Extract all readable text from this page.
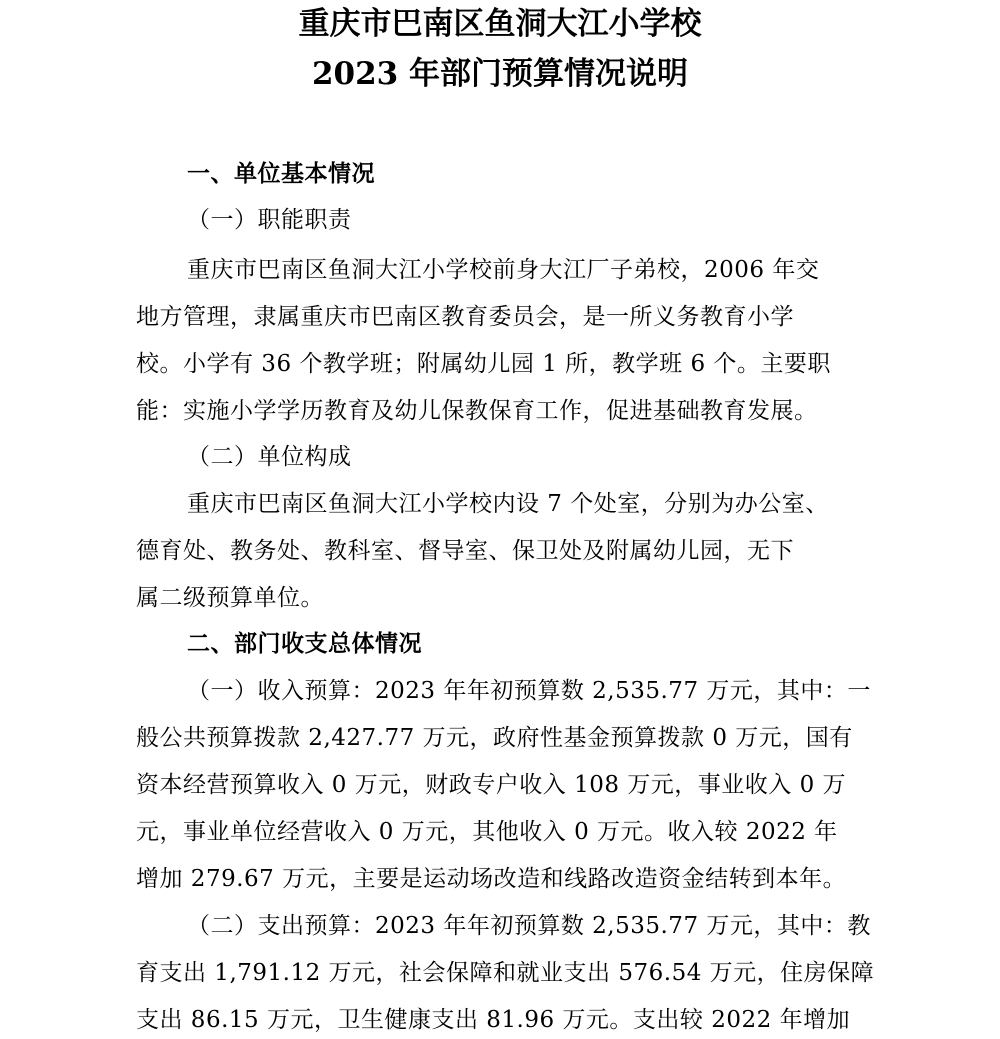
重庆市巴南区鱼洞大江小学校
2023 年部门预算情况说明
一、单位基本情况
（一）职能职责
重庆市巴南区鱼洞大江小学校前身大江厂子弟校，2006 年交
地方管理，隶属重庆市巴南区教育委员会，是一所义务教育小学
校。小学有 36 个教学班；附属幼儿园 1 所，教学班 6 个。主要职
能：实施小学学历教育及幼儿保教保育工作，促进基础教育发展。
（二）单位构成
重庆市巴南区鱼洞大江小学校内设 7 个处室，分别为办公室、
德育处、教务处、教科室、督导室、保卫处及附属幼儿园，无下
属二级预算单位。
二、部门收支总体情况
（一）收入预算：2023 年年初预算数 2,535.77 万元，其中：一
般公共预算拨款 2,427.77 万元，政府性基金预算拨款 0 万元，国有
资本经营预算收入 0 万元，财政专户收入 108 万元，事业收入 0 万
元，事业单位经营收入 0 万元，其他收入 0 万元。收入较 2022 年
增加 279.67 万元，主要是运动场改造和线路改造资金结转到本年。
（二）支出预算：2023 年年初预算数 2,535.77 万元，其中：教
育支出 1,791.12 万元，社会保障和就业支出 576.54 万元，住房保障
支出 86.15 万元，卫生健康支出 81.96 万元。支出较 2022 年增加
